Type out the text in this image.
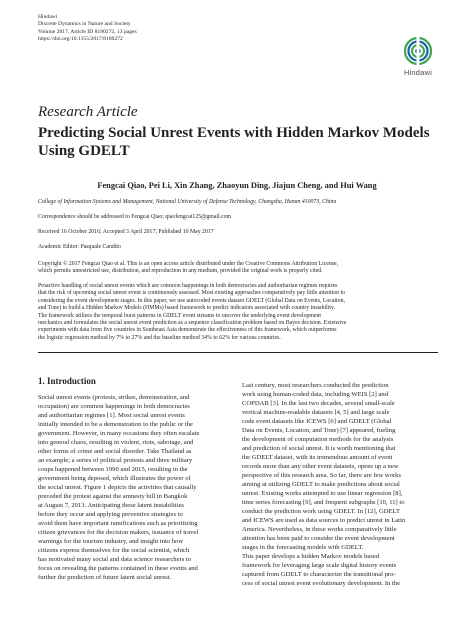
Hindawi
Discrete Dynamics in Nature and Society
Volume 2017, Article ID 8180272, 13 pages
https://doi.org/10.1155/2017/8180272
Hindawi
Research Article
Predicting Social Unrest Events with Hidden Markov Models
Using GDELT
Fengcai Qiao, Pei Li, Xin Zhang, Zhaoyun Ding, Jiajun Cheng, and Hui Wang
College of Information Systems and Management, National University of Defense Technology, Changsha, Hunan 410073, China
Correspondence should be addressed to Fengcai Qiao; qiaofengcai125@gmail.com
Received 16 October 2016; Accepted 3 April 2017; Published 10 May 2017
Academic Editor: Pasquale Candito
Copyright © 2017 Fengcai Qiao et al. This is an open access article distributed under the Creative Commons Attribution License,
which permits unrestricted use, distribution, and reproduction in any medium, provided the original work is properly cited.
Proactive handling of social unrest events which are common happenings in both democracies and authoritarian regimes requires
that the risk of upcoming social unrest event is continuously assessed. Most existing approaches comparatively pay little attention to
considering the event development stages. In this paper, we use autocoded events dataset GDELT (Global Data on Events, Location,
and Tone) to build a Hidden Markov Models (HMMs) based framework to predict indicators associated with country instability.
The framework utilizes the temporal burst patterns in GDELT event streams to uncover the underlying event development
mechanics and formulates the social unrest event prediction as a sequence classification problem based on Bayes decision. Extensive
experiments with data from five countries in Southeast Asia demonstrate the effectiveness of this framework, which outperforms
the logistic regression method by 7% to 27% and the baseline method 34% to 62% for various countries.
1. Introduction
Social unrest events (protests, strikes, demonstration, and
occupation) are common happenings in both democracies
and authoritarian regimes [1]. Most social unrest events
initially intended to be a demonstration to the public or the
government. However, in many occasions they often escalate
into general chaos, resulting in violent, riots, sabotage, and
other forms of crime and social disorder. Take Thailand as
an example; a series of political protests and three military
coups happened between 1990 and 2015, resulting in the
government being deposed, which illustrates the power of
the social unrest. Figure 1 depicts the activities that causally
preceded the protest against the amnesty bill in Bangkok
at August 7, 2013. Anticipating these latent instabilities
before they occur and applying preventive strategies to
avoid them have important ramifications such as prioritizing
citizen grievances for the decision makers, issuance of travel
warnings for the tourism industry, and insight into how
citizens express themselves for the social scientist, which
has motivated many social and data science researchers to
focus on revealing the patterns contained in these events and
further the prediction of future latent social unrest.
Last century, most researchers conducted the prediction
work using human-coded data, including WEIS [2] and
COPDAB [3]. In the last two decades, several small-scale
vertical machine-readable datasets [4, 5] and large scale
code event datasets like ICEWS [6] and GDELT (Global
Data on Events, Location, and Tone) [7] appeared, fueling
the development of computation methods for the analysis
and prediction of social unrest. It is worth mentioning that
the GDELT dataset, with its tremendous amount of event
records more than any other event datasets, opens up a new
perspective of this research area. So far, there are few works
aiming at utilizing GDELT to make predictions about social
unrest. Existing works attempted to use linear regression [8],
time series forecasting [9], and frequent subgraphs [10, 11] to
conduct the prediction work using GDELT. In [12], GDELT
and ICEWS are used as data sources to predict unrest in Latin
America. Nevertheless, in these works comparatively little
attention has been paid to consider the event development
stages in the forecasting models with GDELT.
This paper develops a hidden Markov models based
framework for leveraging large scale digital history events
captured from GDELT to characterize the transitional pro-
cess of social unrest event evolutionary development. In the
